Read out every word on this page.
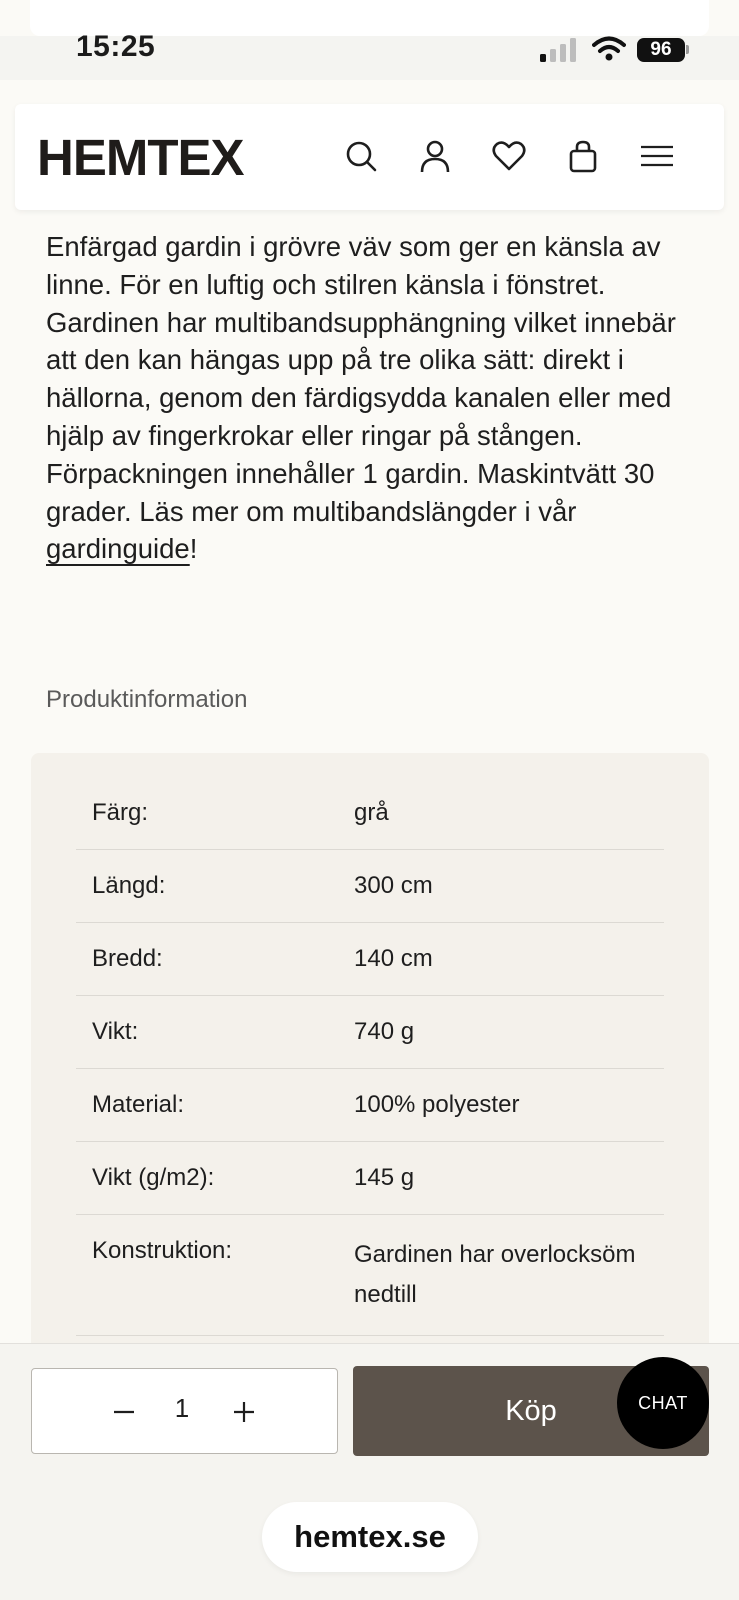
15:25	96
HEMTEX
Enfärgad gardin i grövre väv som ger en känsla av linne. För en luftig och stilren känsla i fönstret. Gardinen har multibandsupphängning vilket innebär att den kan hängas upp på tre olika sätt: direkt i hällorna, genom den färdigsydda kanalen eller med hjälp av fingerkrokar eller ringar på stången. Förpackningen innehåller 1 gardin. Maskintvätt 30 grader. Läs mer om multibandslängder i vår gardinguide!
Produktinformation
Färg:	grå
Längd:	300 cm
Bredd:	140 cm
Vikt:	740 g
Material:	100% polyester
Vikt (g/m2):	145 g
Konstruktion:	Gardinen har overlocksöm nedtill
1	Köp	CHAT
hemtex.se
